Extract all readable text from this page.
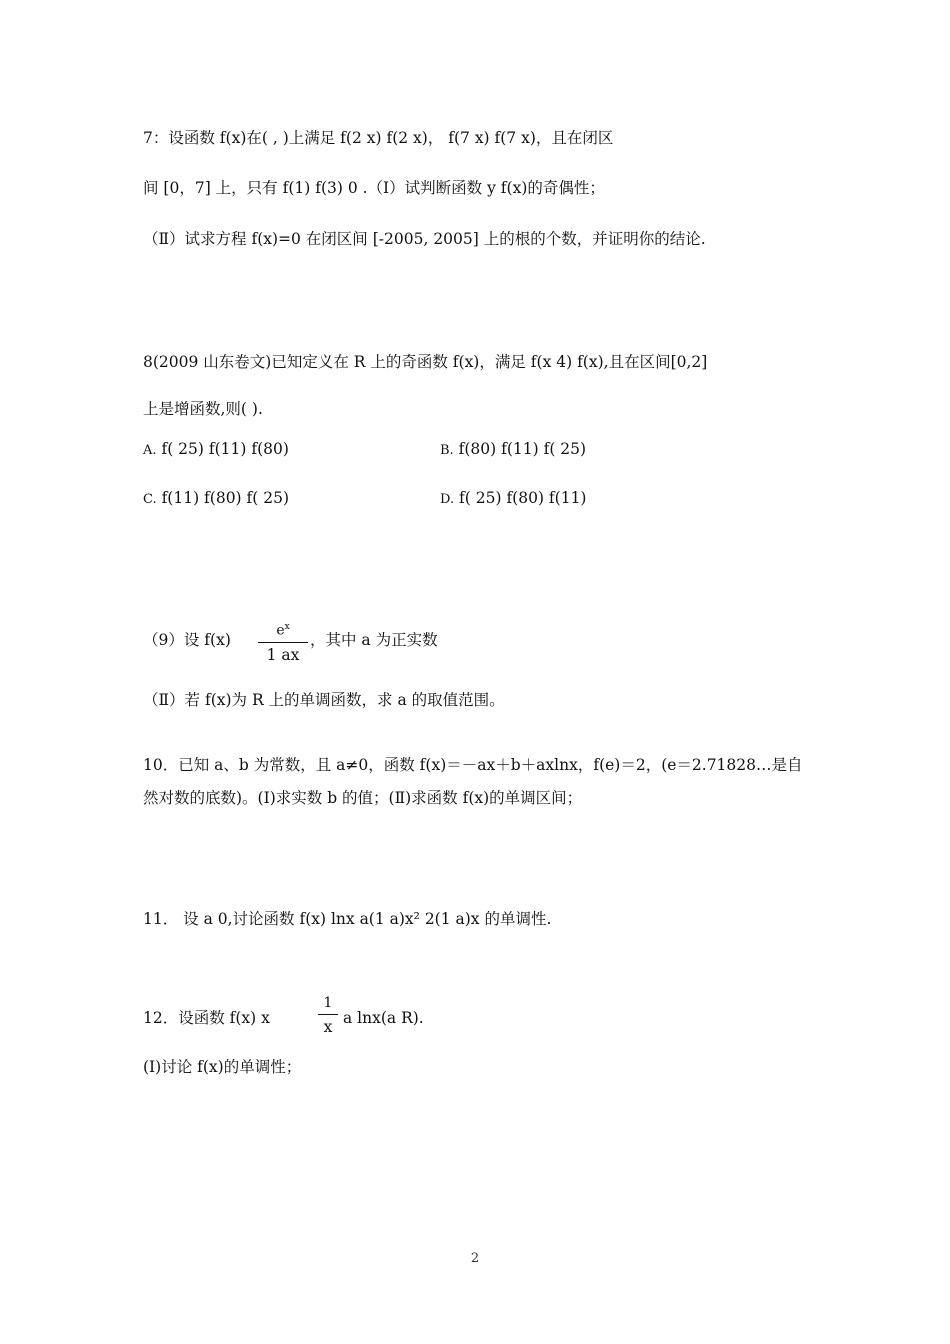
7：设函数 f(x)在( , )上满足 f(2 x) f(2 x)， f(7 x) f(7 x)，且在闭区
间 [0，7] 上，只有 f(1) f(3) 0 .（Ⅰ）试判断函数 y f(x)的奇偶性；
（Ⅱ）试求方程 f(x)=0 在闭区间 [-2005, 2005] 上的根的个数，并证明你的结论.
8(2009 山东卷文)已知定义在 R 上的奇函数 f(x)，满足 f(x 4) f(x),且在区间[0,2]
上是增函数,则( ).
A. f( 25) f(11) f(80)	B. f(80) f(11) f( 25)
C. f(11) f(80) f( 25)	D. f( 25) f(80) f(11)
（9）设 f(x)
$e^x$
1 ax
，其中 a 为正实数
（Ⅱ）若 f(x)为 R 上的单调函数，求 a 的取值范围。
10．已知 a、b 为常数，且 a≠0，函数 f(x)＝－ax＋b＋axlnx，f(e)＝2，(e＝2.71828…是自
然对数的底数)。(Ⅰ)求实数 b 的值；(Ⅱ)求函数 f(x)的单调区间；
11． 设 a 0,讨论函数 f(x) lnx a(1 a)x² 2(1 a)x 的单调性.
12．设函数 f(x) x
1
x a lnx(a R).
(I)讨论 f(x)的单调性；
2
